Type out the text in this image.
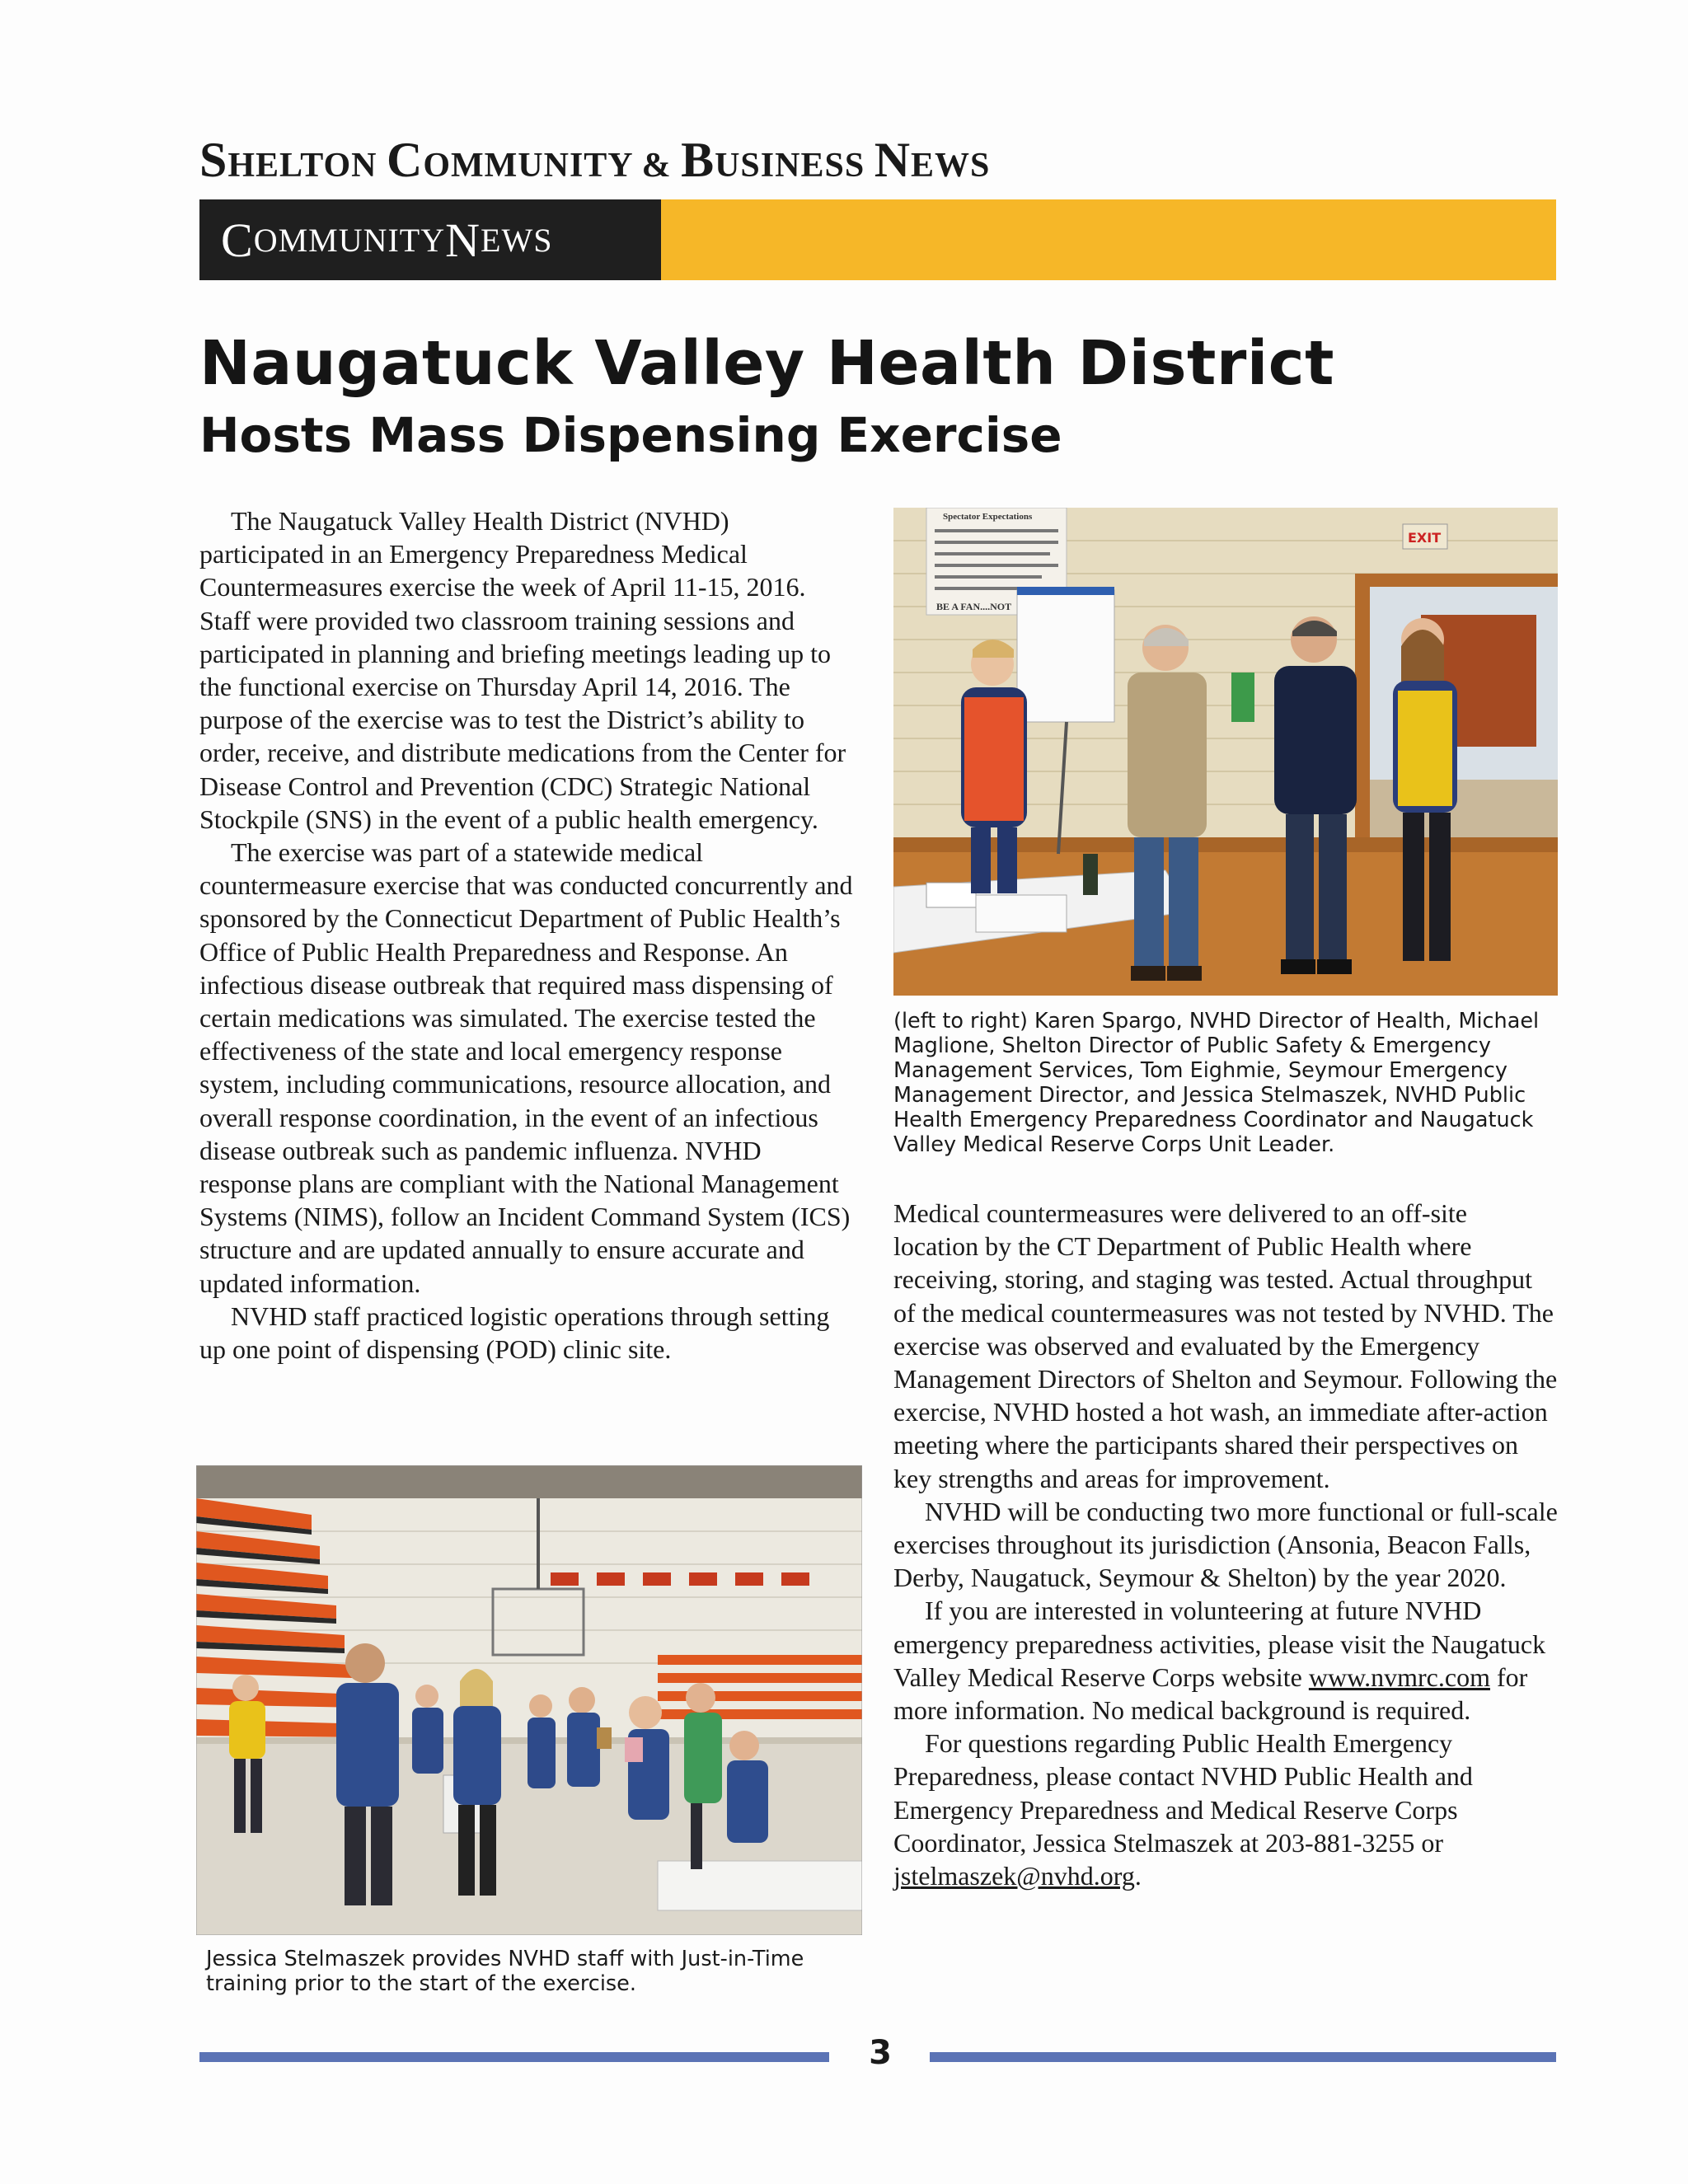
SHELTON COMMUNITY & BUSINESS NEWS
C OMMUNITY N EWS
Naugatuck Valley Health District
Hosts Mass Dispensing Exercise

The Naugatuck Valley Health District (NVHD) participated in an Emergency Preparedness Medical Countermeasures exercise the week of April 11-15, 2016. Staff were provided two classroom training sessions and participated in planning and briefing meetings leading up to the functional exercise on Thursday April 14, 2016. The purpose of the exercise was to test the District’s ability to order, receive, and distribute medications from the Center for Disease Control and Prevention (CDC) Strategic National Stockpile (SNS) in the event of a public health emergency.

The exercise was part of a statewide medical countermeasure exercise that was conducted concurrently and sponsored by the Connecticut Department of Public Health’s Office of Public Health Preparedness and Response. An infectious disease outbreak that required mass dispensing of certain medications was simulated. The exercise tested the effectiveness of the state and local emergency response system, including communications, resource allocation, and overall response coordination, in the event of an infectious disease outbreak such as pandemic influenza. NVHD response plans are compliant with the National Management Systems (NIMS), follow an Incident Command System (ICS) structure and are updated annually to ensure accurate and updated information.

NVHD staff practiced logistic operations through setting up one point of dispensing (POD) clinic site.

Spectator Expectations
BE A FAN....NOT
EXIT
(left to right) Karen Spargo, NVHD Director of Health, Michael Maglione, Shelton Director of Public Safety & Emergency Management Services, Tom Eighmie, Seymour Emergency Management Director, and Jessica Stelmaszek, NVHD Public Health Emergency Preparedness Coordinator and Naugatuck Valley Medical Reserve Corps Unit Leader.
Jessica Stelmaszek provides NVHD staff with Just-in-Time training prior to the start of the exercise.

Medical countermeasures were delivered to an off-site location by the CT Department of Public Health where receiving, storing, and staging was tested. Actual throughput of the medical countermeasures was not tested by NVHD. The exercise was observed and evaluated by the Emergency Management Directors of Shelton and Seymour. Following the exercise, NVHD hosted a hot wash, an immediate after-action meeting where the participants shared their perspectives on key strengths and areas for improvement.

NVHD will be conducting two more functional or full-scale exercises throughout its jurisdiction (Ansonia, Beacon Falls, Derby, Naugatuck, Seymour & Shelton) by the year 2020.

If you are interested in volunteering at future NVHD emergency preparedness activities, please visit the Naugatuck Valley Medical Reserve Corps website www.nvmrc.com for more information. No medical background is required.

For questions regarding Public Health Emergency Preparedness, please contact NVHD Public Health and Emergency Preparedness and Medical Reserve Corps Coordinator, Jessica Stelmaszek at 203-881-3255 or jstelmaszek@nvhd.org.

3
